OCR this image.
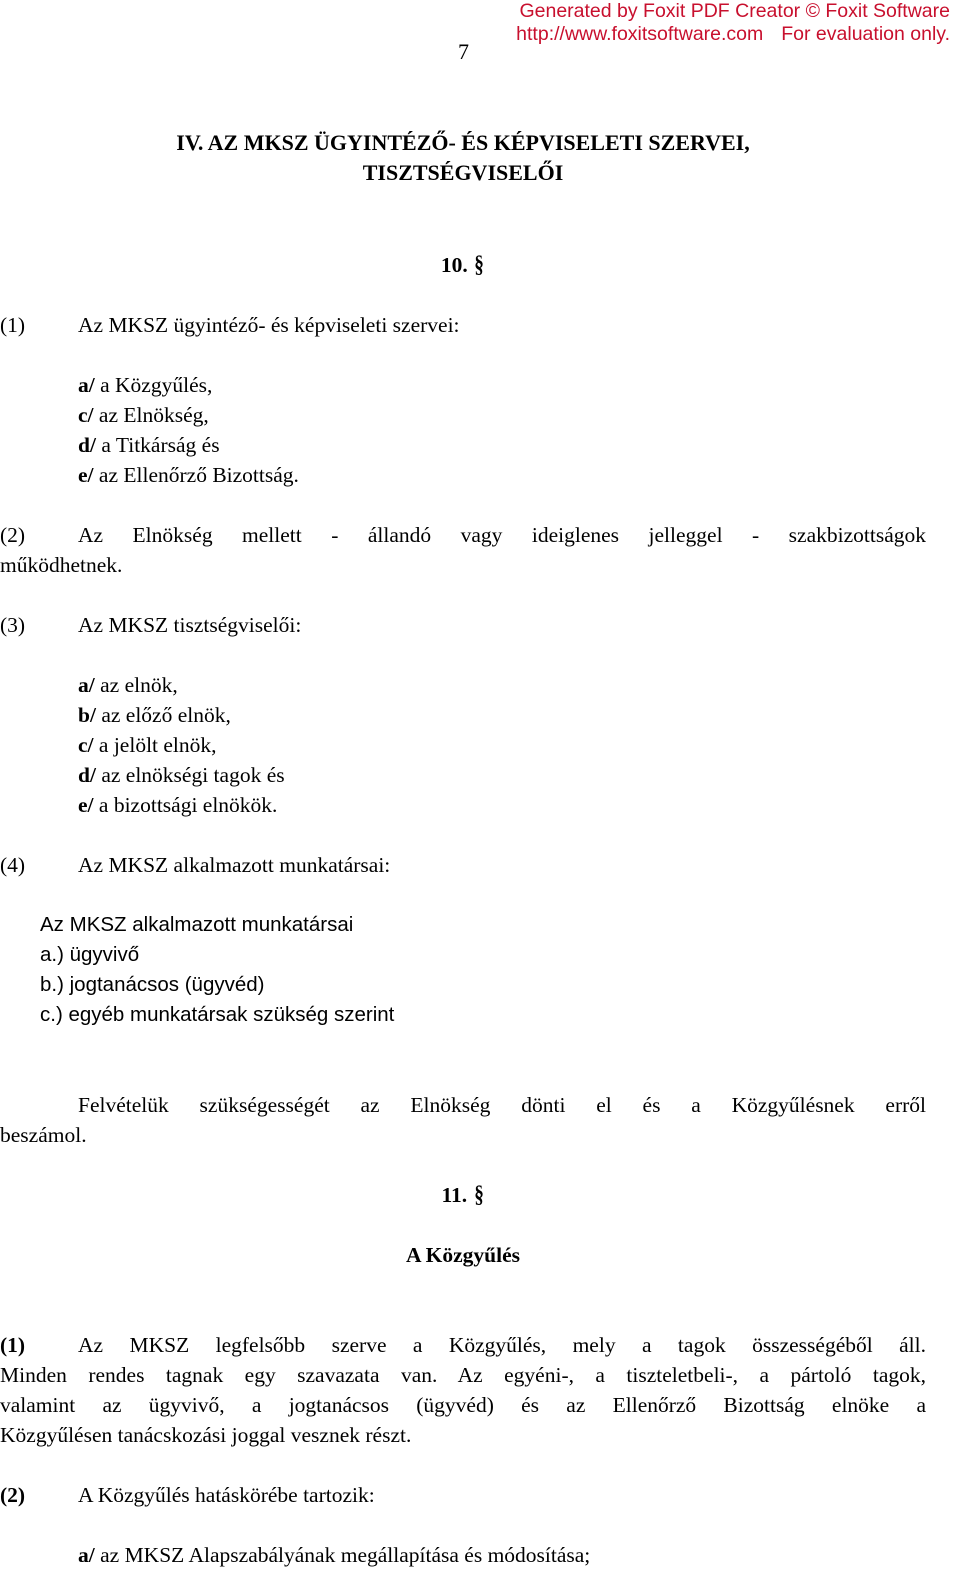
Generated by Foxit PDF Creator © Foxit Software
http://www.foxitsoftware.com For evaluation only.
7
IV. AZ MKSZ ÜGYINTÉZŐ- ÉS KÉPVISELETI SZERVEI,
TISZTSÉGVISELŐI
10. §
(1) Az MKSZ ügyintéző- és képviseleti szervei:
a/ a Közgyűlés,
c/ az Elnökség,
d/ a Titkárság és
e/ az Ellenőrző Bizottság.
(2) Az Elnökség mellett - állandó vagy ideiglenes jelleggel - szakbizottságok
működhetnek.
(3) Az MKSZ tisztségviselői:
a/ az elnök,
b/ az előző elnök,
c/ a jelölt elnök,
d/ az elnökségi tagok és
e/ a bizottsági elnökök.
(4) Az MKSZ alkalmazott munkatársai:
Az MKSZ alkalmazott munkatársai
a.) ügyvivő
b.) jogtanácsos (ügyvéd)
c.) egyéb munkatársak szükség szerint
Felvételük szükségességét az Elnökség dönti el és a Közgyűlésnek erről
beszámol.
11. §
A Közgyűlés
(1) Az MKSZ legfelsőbb szerve a Közgyűlés, mely a tagok összességéből áll.
Minden rendes tagnak egy szavazata van. Az egyéni-, a tiszteletbeli-, a pártoló tagok,
valamint az ügyvivő, a jogtanácsos (ügyvéd) és az Ellenőrző Bizottság elnöke a
Közgyűlésen tanácskozási joggal vesznek részt.
(2) A Közgyűlés hatáskörébe tartozik:
a/ az MKSZ Alapszabályának megállapítása és módosítása;
